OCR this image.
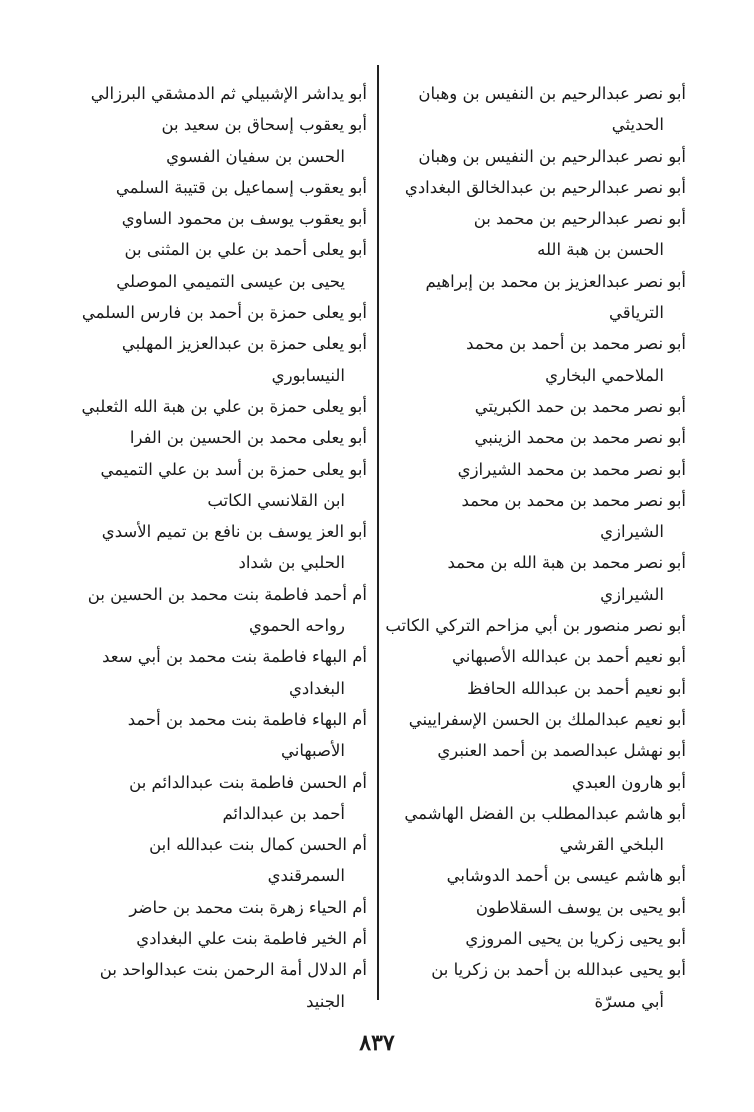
أبو نصر عبدالرحيم بن النفيس بن وهبان
الحديثي
أبو نصر عبدالرحيم بن النفيس بن وهبان
أبو نصر عبدالرحيم بن عبدالخالق البغدادي
أبو نصر عبدالرحيم بن محمد بن
الحسن بن هبة الله
أبو نصر عبدالعزيز بن محمد بن إبراهيم
الترياقي
أبو نصر محمد بن أحمد بن محمد
الملاحمي البخاري
أبو نصر محمد بن حمد الكبريتي
أبو نصر محمد بن محمد الزينبي
أبو نصر محمد بن محمد الشيرازي
أبو نصر محمد بن محمد بن محمد
الشيرازي
أبو نصر محمد بن هبة الله بن محمد
الشيرازي
أبو نصر منصور بن أبي مزاحم التركي الكاتب
أبو نعيم أحمد بن عبدالله الأصبهاني
أبو نعيم أحمد بن عبدالله الحافظ
أبو نعيم عبدالملك بن الحسن الإسفراييني
أبو نهشل عبدالصمد بن أحمد العنبري
أبو هارون العبدي
أبو هاشم عبدالمطلب بن الفضل الهاشمي
البلخي القرشي
أبو هاشم عيسى بن أحمد الدوشابي
أبو يحيى بن يوسف السقلاطون
أبو يحيى زكريا بن يحيى المروزي
أبو يحيى عبدالله بن أحمد بن زكريا بن
أبي مسرّة
أبو يداشر الإشبيلي ثم الدمشقي البرزالي
أبو يعقوب إسحاق بن سعيد بن
الحسن بن سفيان الفسوي
أبو يعقوب إسماعيل بن قتيبة السلمي
أبو يعقوب يوسف بن محمود الساوي
أبو يعلى أحمد بن علي بن المثنى بن
يحيى بن عيسى التميمي الموصلي
أبو يعلى حمزة بن أحمد بن فارس السلمي
أبو يعلى حمزة بن عبدالعزيز المهلبي
النيسابوري
أبو يعلى حمزة بن علي بن هبة الله الثعلبي
أبو يعلى محمد بن الحسين بن الفرا
أبو يعلى حمزة بن أسد بن علي التميمي
ابن القلانسي الكاتب
أبو العز يوسف بن نافع بن تميم الأسدي
الحلبي بن شداد
أم أحمد فاطمة بنت محمد بن الحسين بن
رواحه الحموي
أم البهاء فاطمة بنت محمد بن أبي سعد
البغدادي
أم البهاء فاطمة بنت محمد بن أحمد
الأصبهاني
أم الحسن فاطمة بنت عبدالدائم بن
أحمد بن عبدالدائم
أم الحسن كمال بنت عبدالله ابن
السمرقندي
أم الحياء زهرة بنت محمد بن حاضر
أم الخير فاطمة بنت علي البغدادي
أم الدلال أمة الرحمن بنت عبدالواحد بن
الجنيد
٨٣٧
